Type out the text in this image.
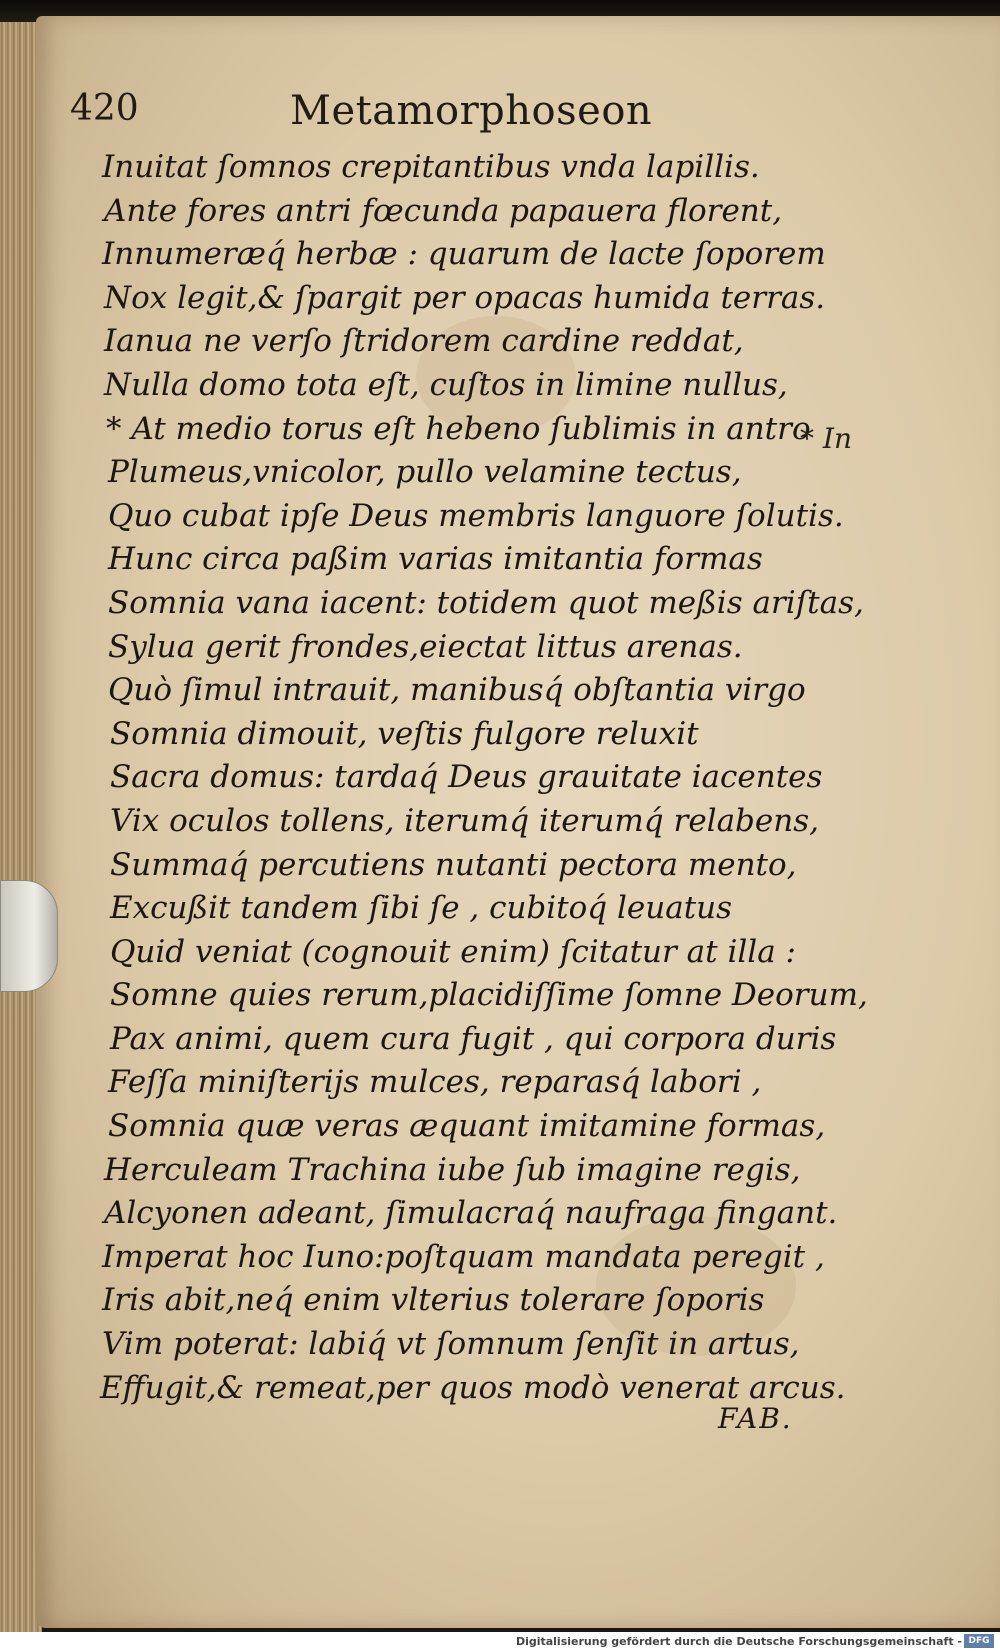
420	Metamorphoseon
Inuitat ſomnos crepitantibus vnda lapillis.
Ante fores antri fœcunda papauera florent,
Innumeræq́ herbæ : quarum de lacte ſoporem
Nox legit,& ſpargit per opacas humida terras.
Ianua ne verſo ſtridorem cardine reddat,
Nulla domo tota eſt, cuſtos in limine nullus,
* At medio torus eſt hebeno ſublimis in antro
Plumeus,vnicolor, pullo velamine tectus,
Quo cubat ipſe Deus membris languore ſolutis.
Hunc circa paßim varias imitantia formas
Somnia vana iacent: totidem quot meßis ariſtas,
Sylua gerit frondes,eiectat littus arenas.
Quò ſimul intrauit, manibusq́ obſtantia virgo
Somnia dimouit, veſtis fulgore reluxit
Sacra domus: tardaq́ Deus grauitate iacentes
Vix oculos tollens, iterumq́ iterumq́ relabens,
Summaq́ percutiens nutanti pectora mento,
Excußit tandem ſibi ſe , cubitoq́ leuatus
Quid veniat (cognouit enim) ſcitatur at illa :
Somne quies rerum,placidiſſime ſomne Deorum,
Pax animi, quem cura fugit , qui corpora duris
Feſſa miniſterijs mulces, reparasq́ labori ,
Somnia quæ veras æquant imitamine formas,
Herculeam Trachina iube ſub imagine regis,
Alcyonen adeant, ſimulacraq́ naufraga fingant.
Imperat hoc Iuno:poſtquam mandata peregit ,
Iris abit,neq́ enim vlterius tolerare ſoporis
Vim poterat: labiq́ vt ſomnum ſenſit in artus,
Effugit,& remeat,per quos modò venerat arcus.
* In
FAB.
Digitalisierung gefördert durch die Deutsche Forschungsgemeinschaft - DFG
